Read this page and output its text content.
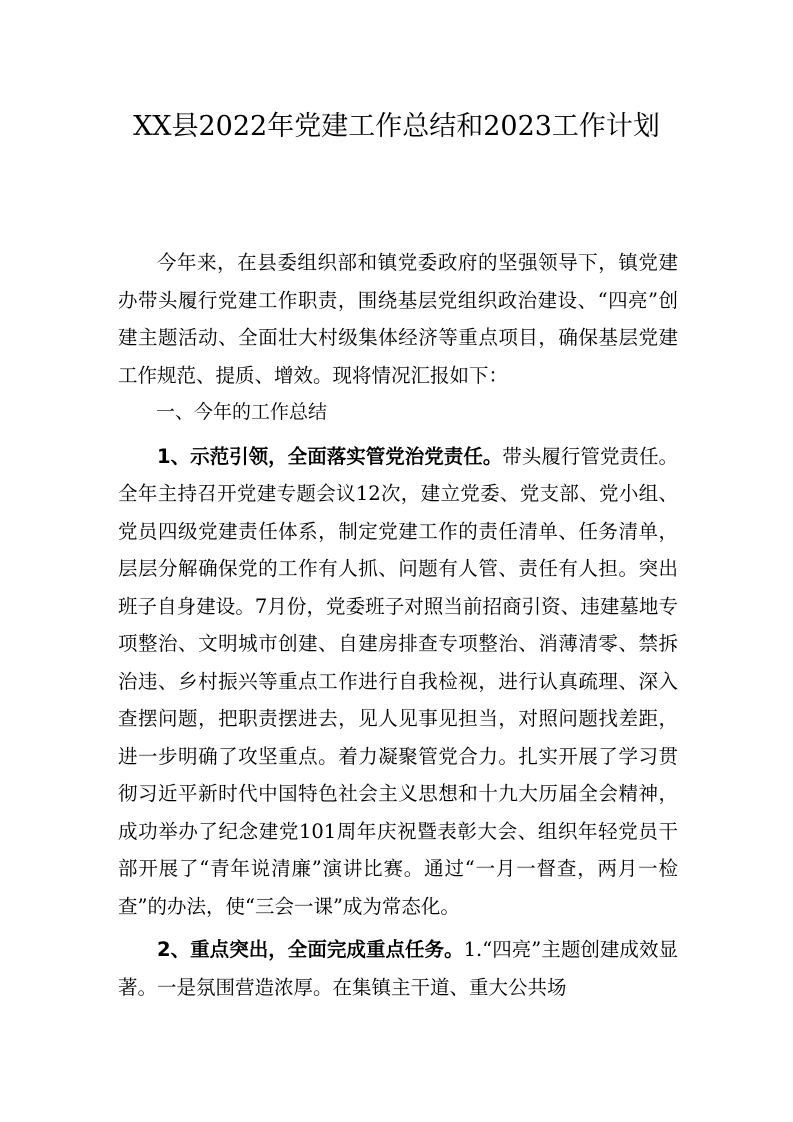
XX县2022年党建工作总结和2023工作计划

今年来，在县委组织部和镇党委政府的坚强领导下，镇党建办带头履行党建工作职责，围绕基层党组织政治建设、“四亮”创建主题活动、全面壮大村级集体经济等重点项目，确保基层党建工作规范、提质、增效。现将情况汇报如下：

一、今年的工作总结

1、示范引领，全面落实管党治党责任。带头履行管党责任。全年主持召开党建专题会议12次，建立党委、党支部、党小组、党员四级党建责任体系，制定党建工作的责任清单、任务清单，层层分解确保党的工作有人抓、问题有人管、责任有人担。突出班子自身建设。7月份，党委班子对照当前招商引资、违建墓地专项整治、文明城市创建、自建房排查专项整治、消薄清零、禁拆治违、乡村振兴等重点工作进行自我检视，进行认真疏理、深入查摆问题，把职责摆进去，见人见事见担当，对照问题找差距，进一步明确了攻坚重点。着力凝聚管党合力。扎实开展了学习贯彻习近平新时代中国特色社会主义思想和十九大历届全会精神，成功举办了纪念建党101周年庆祝暨表彰大会、组织年轻党员干部开展了“青年说清廉”演讲比赛。通过“一月一督查，两月一检查”的办法，使“三会一课”成为常态化。

2、重点突出，全面完成重点任务。1.“四亮”主题创建成效显著。一是氛围营造浓厚。在集镇主干道、重大公共场
